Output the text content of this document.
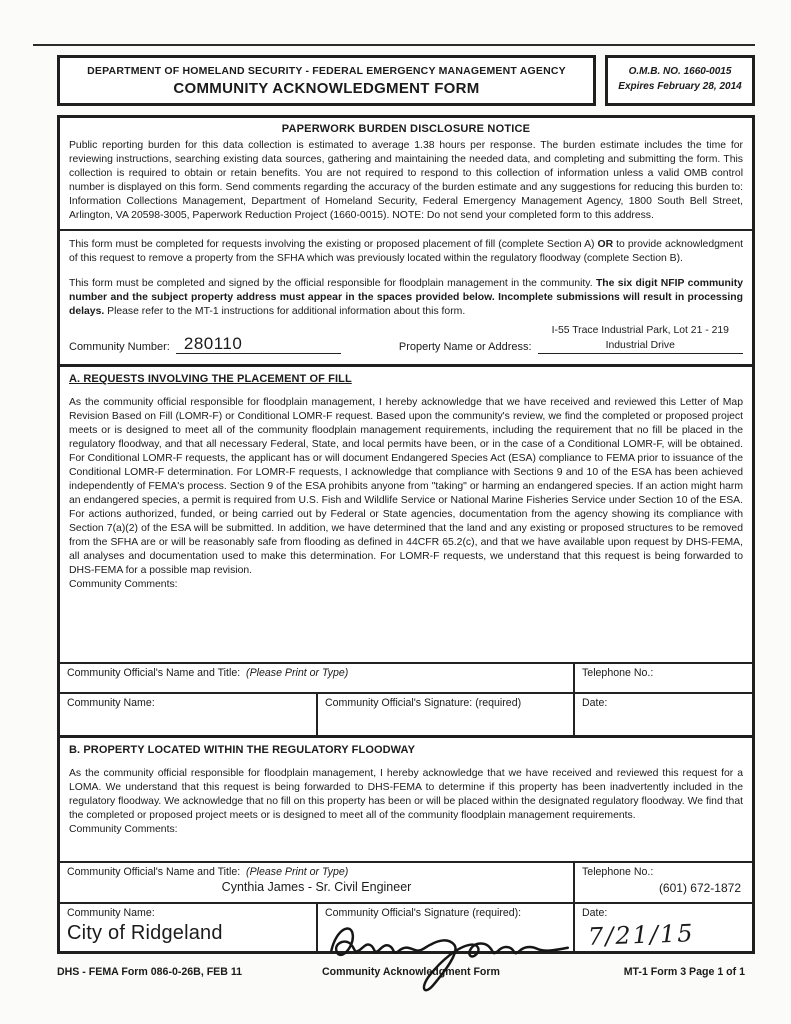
DEPARTMENT OF HOMELAND SECURITY - FEDERAL EMERGENCY MANAGEMENT AGENCY
COMMUNITY ACKNOWLEDGMENT FORM
O.M.B. NO. 1660-0015
Expires February 28, 2014
PAPERWORK BURDEN DISCLOSURE NOTICE
Public reporting burden for this data collection is estimated to average 1.38 hours per response. The burden estimate includes the time for reviewing instructions, searching existing data sources, gathering and maintaining the needed data, and completing and submitting the form. This collection is required to obtain or retain benefits. You are not required to respond to this collection of information unless a valid OMB control number is displayed on this form. Send comments regarding the accuracy of the burden estimate and any suggestions for reducing this burden to: Information Collections Management, Department of Homeland Security, Federal Emergency Management Agency, 1800 South Bell Street, Arlington, VA 20598-3005, Paperwork Reduction Project (1660-0015). NOTE: Do not send your completed form to this address.

This form must be completed for requests involving the existing or proposed placement of fill (complete Section A) OR to provide acknowledgment of this request to remove a property from the SFHA which was previously located within the regulatory floodway (complete Section B).

This form must be completed and signed by the official responsible for floodplain management in the community. The six digit NFIP community number and the subject property address must appear in the spaces provided below. Incomplete submissions will result in processing delays. Please refer to the MT-1 instructions for additional information about this form.

Community Number: 280110	Property Name or Address:
I-55 Trace Industrial Park, Lot 21 - 219 Industrial Drive
A. REQUESTS INVOLVING THE PLACEMENT OF FILL
As the community official responsible for floodplain management, I hereby acknowledge that we have received and reviewed this Letter of Map Revision Based on Fill (LOMR-F) or Conditional LOMR-F request. Based upon the community's review, we find the completed or proposed project meets or is designed to meet all of the community floodplain management requirements, including the requirement that no fill be placed in the regulatory floodway, and that all necessary Federal, State, and local permits have been, or in the case of a Conditional LOMR-F, will be obtained. For Conditional LOMR-F requests, the applicant has or will document Endangered Species Act (ESA) compliance to FEMA prior to issuance of the Conditional LOMR-F determination. For LOMR-F requests, I acknowledge that compliance with Sections 9 and 10 of the ESA has been achieved independently of FEMA's process. Section 9 of the ESA prohibits anyone from "taking" or harming an endangered species. If an action might harm an endangered species, a permit is required from U.S. Fish and Wildlife Service or National Marine Fisheries Service under Section 10 of the ESA. For actions authorized, funded, or being carried out by Federal or State agencies, documentation from the agency showing its compliance with Section 7(a)(2) of the ESA will be submitted. In addition, we have determined that the land and any existing or proposed structures to be removed from the SFHA are or will be reasonably safe from flooding as defined in 44CFR 65.2(c), and that we have available upon request by DHS-FEMA, all analyses and documentation used to make this determination. For LOMR-F requests, we understand that this request is being forwarded to DHS-FEMA for a possible map revision.
Community Comments:
Community Official's Name and Title: (Please Print or Type)	Telephone No.:
Community Name:	Community Official's Signature: (required)	Date:
B. PROPERTY LOCATED WITHIN THE REGULATORY FLOODWAY
As the community official responsible for floodplain management, I hereby acknowledge that we have received and reviewed this request for a LOMA. We understand that this request is being forwarded to DHS-FEMA to determine if this property has been inadvertently included in the regulatory floodway. We acknowledge that no fill on this property has been or will be placed within the designated regulatory floodway. We find that the completed or proposed project meets or is designed to meet all of the community floodplain management requirements.
Community Comments:
Community Official's Name and Title: (Please Print or Type)
Cynthia James - Sr. Civil Engineer
Telephone No.:
(601) 672-1872
Community Name:
City of Ridgeland
Community Official's Signature (required):	Date:
7/21/15
DHS - FEMA Form 086-0-26B, FEB 11	Community Acknowledgment Form	MT-1 Form 3 Page 1 of 1
